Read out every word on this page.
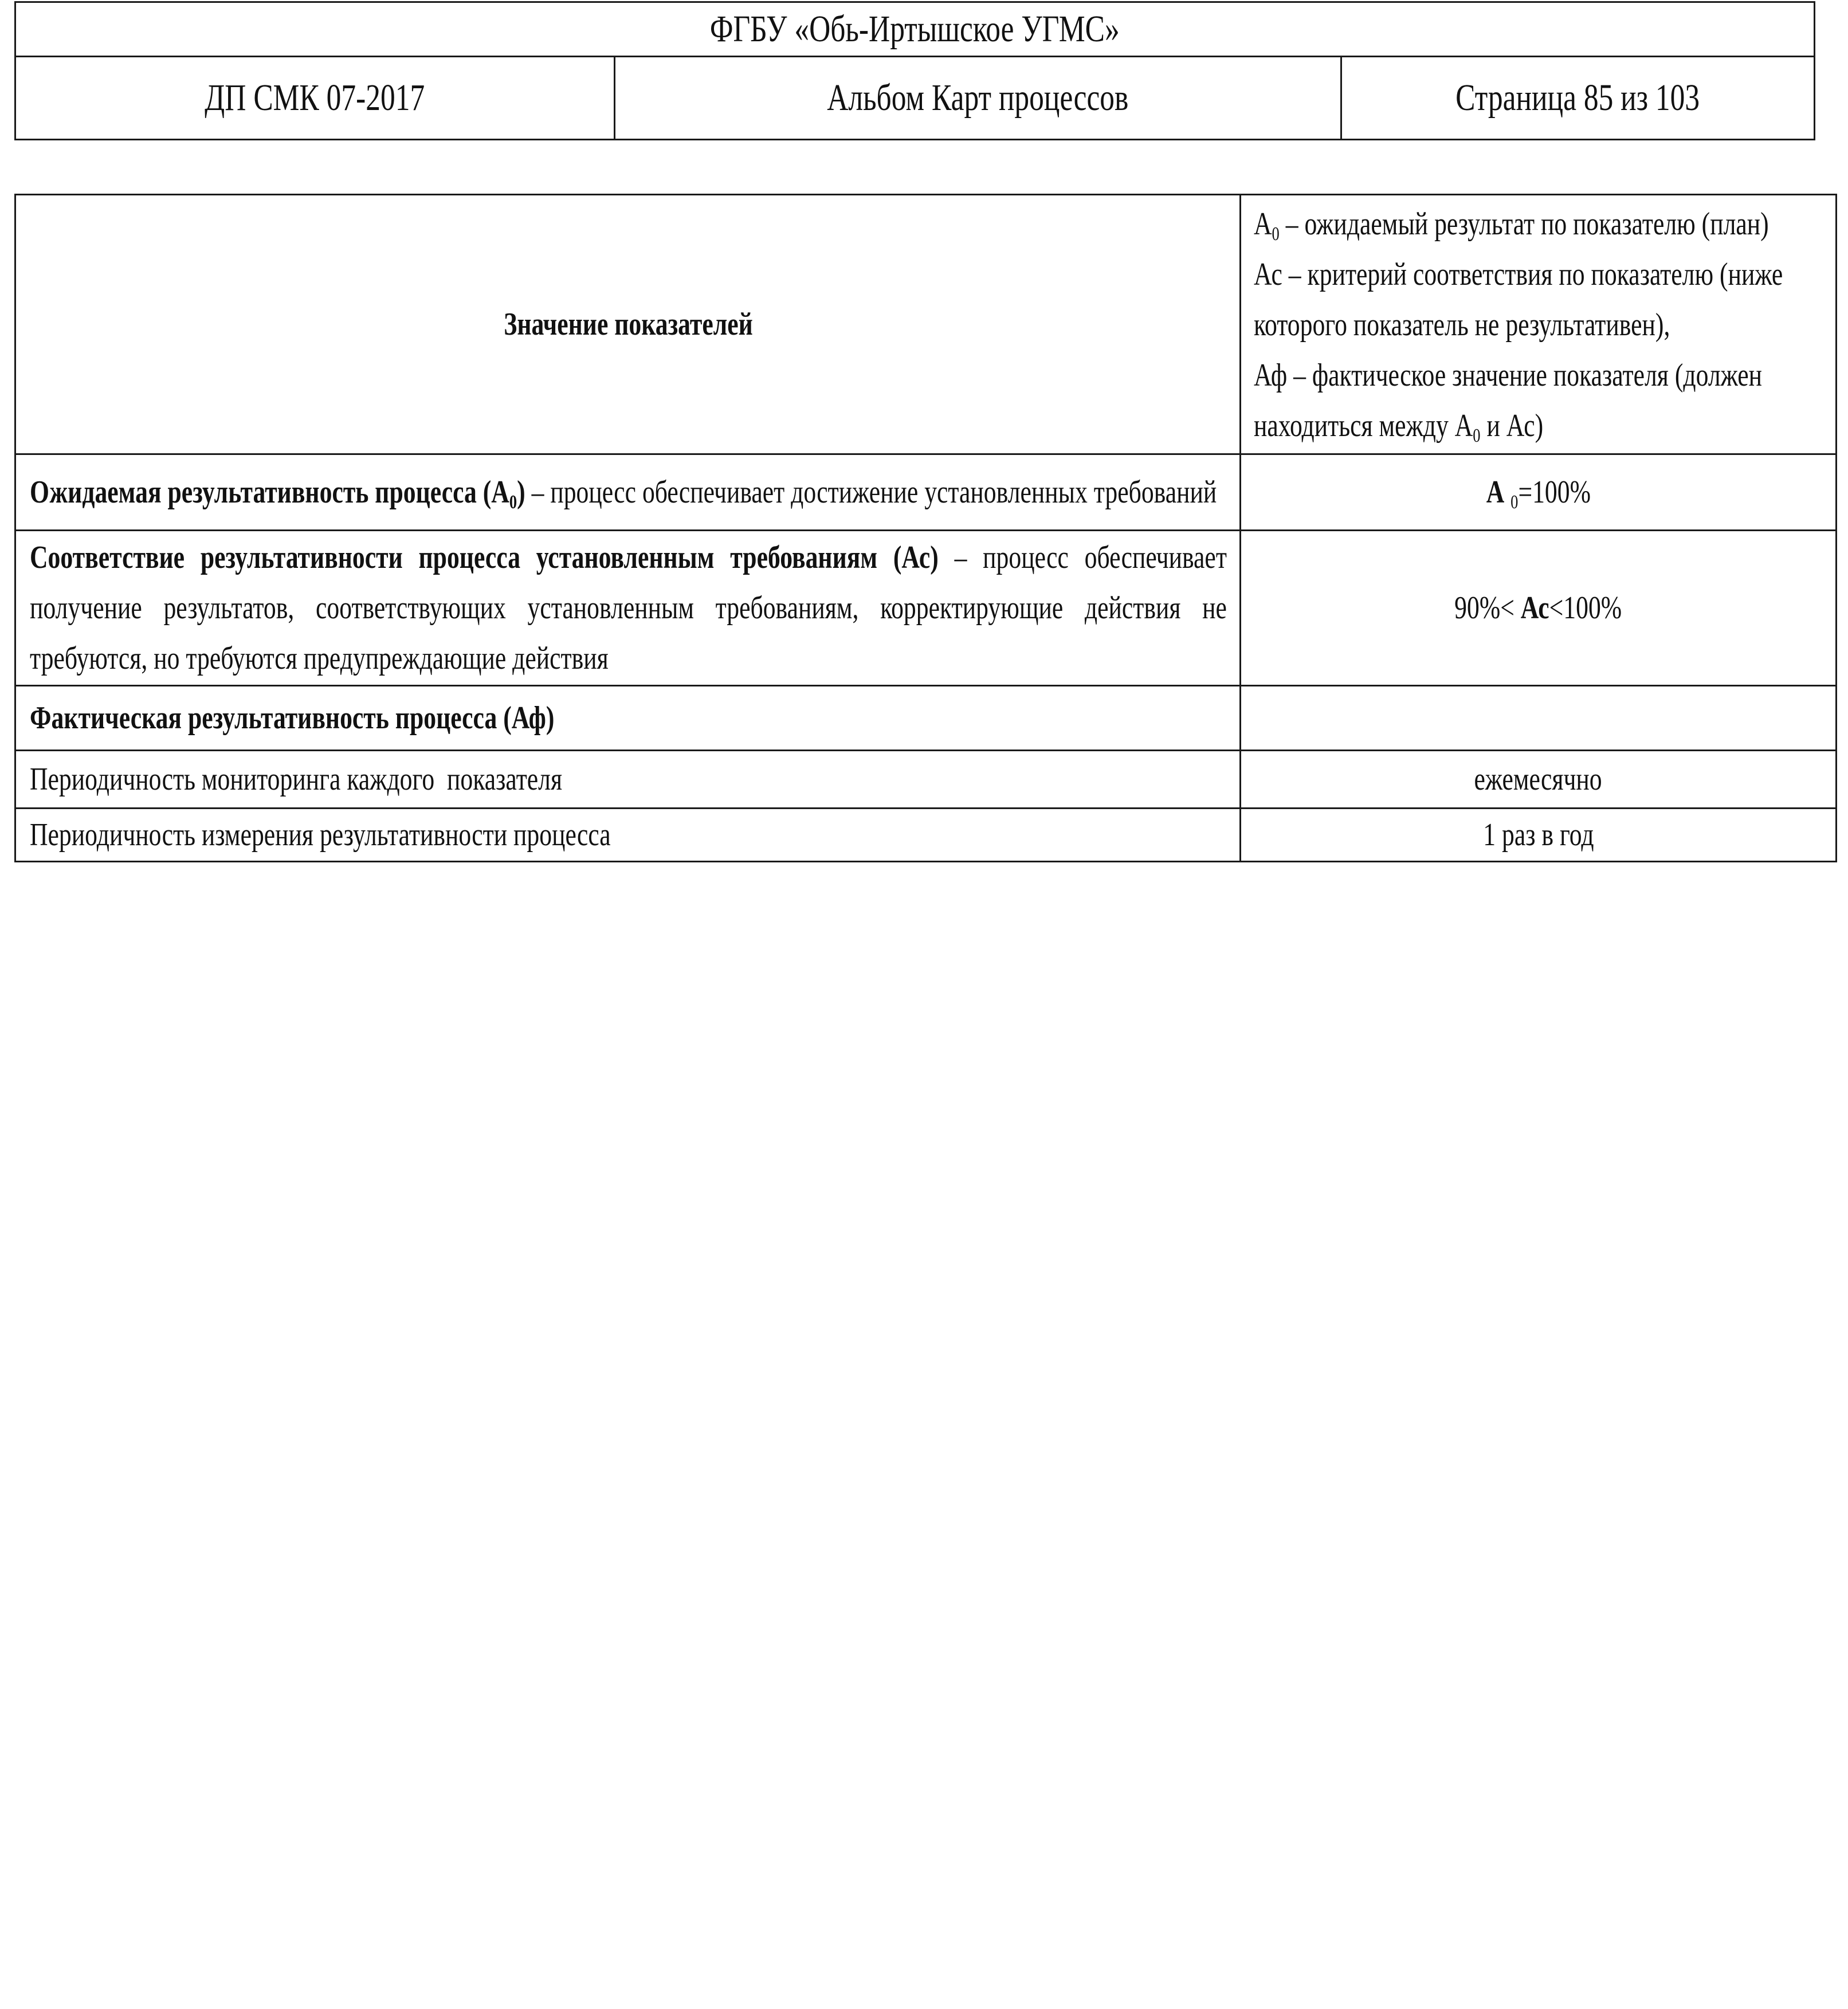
ФГБУ «Обь-Иртышское УГМС»
ДП СМК 07-2017	Альбом Карт процессов	Страница 85 из 103
Значение показателей	$А_0$ – ожидаемый результат по показателю (план)
Ас – критерий соответствия по показателю (ниже которого показатель не результативен),
Аф – фактическое значение показателя (должен находиться между $А_0$ и Ас)

Ожидаемая результативность процесса $(А_0)$ – процесс обеспечивает достижение установленных требований	А $_0$=100%

Соответствие результативности процесса установленным требованиям (Ас) – процесс обеспечивает получение результатов, соответствующих установленным требованиям, корректирующие действия не требуются, но требуются предупреждающие действия	90%< Ас<100%

Фактическая результативность процесса (Аф)	

Периодичность мониторинга каждого  показателя	ежемесячно

Периодичность измерения результативности процесса	1 раз в год
